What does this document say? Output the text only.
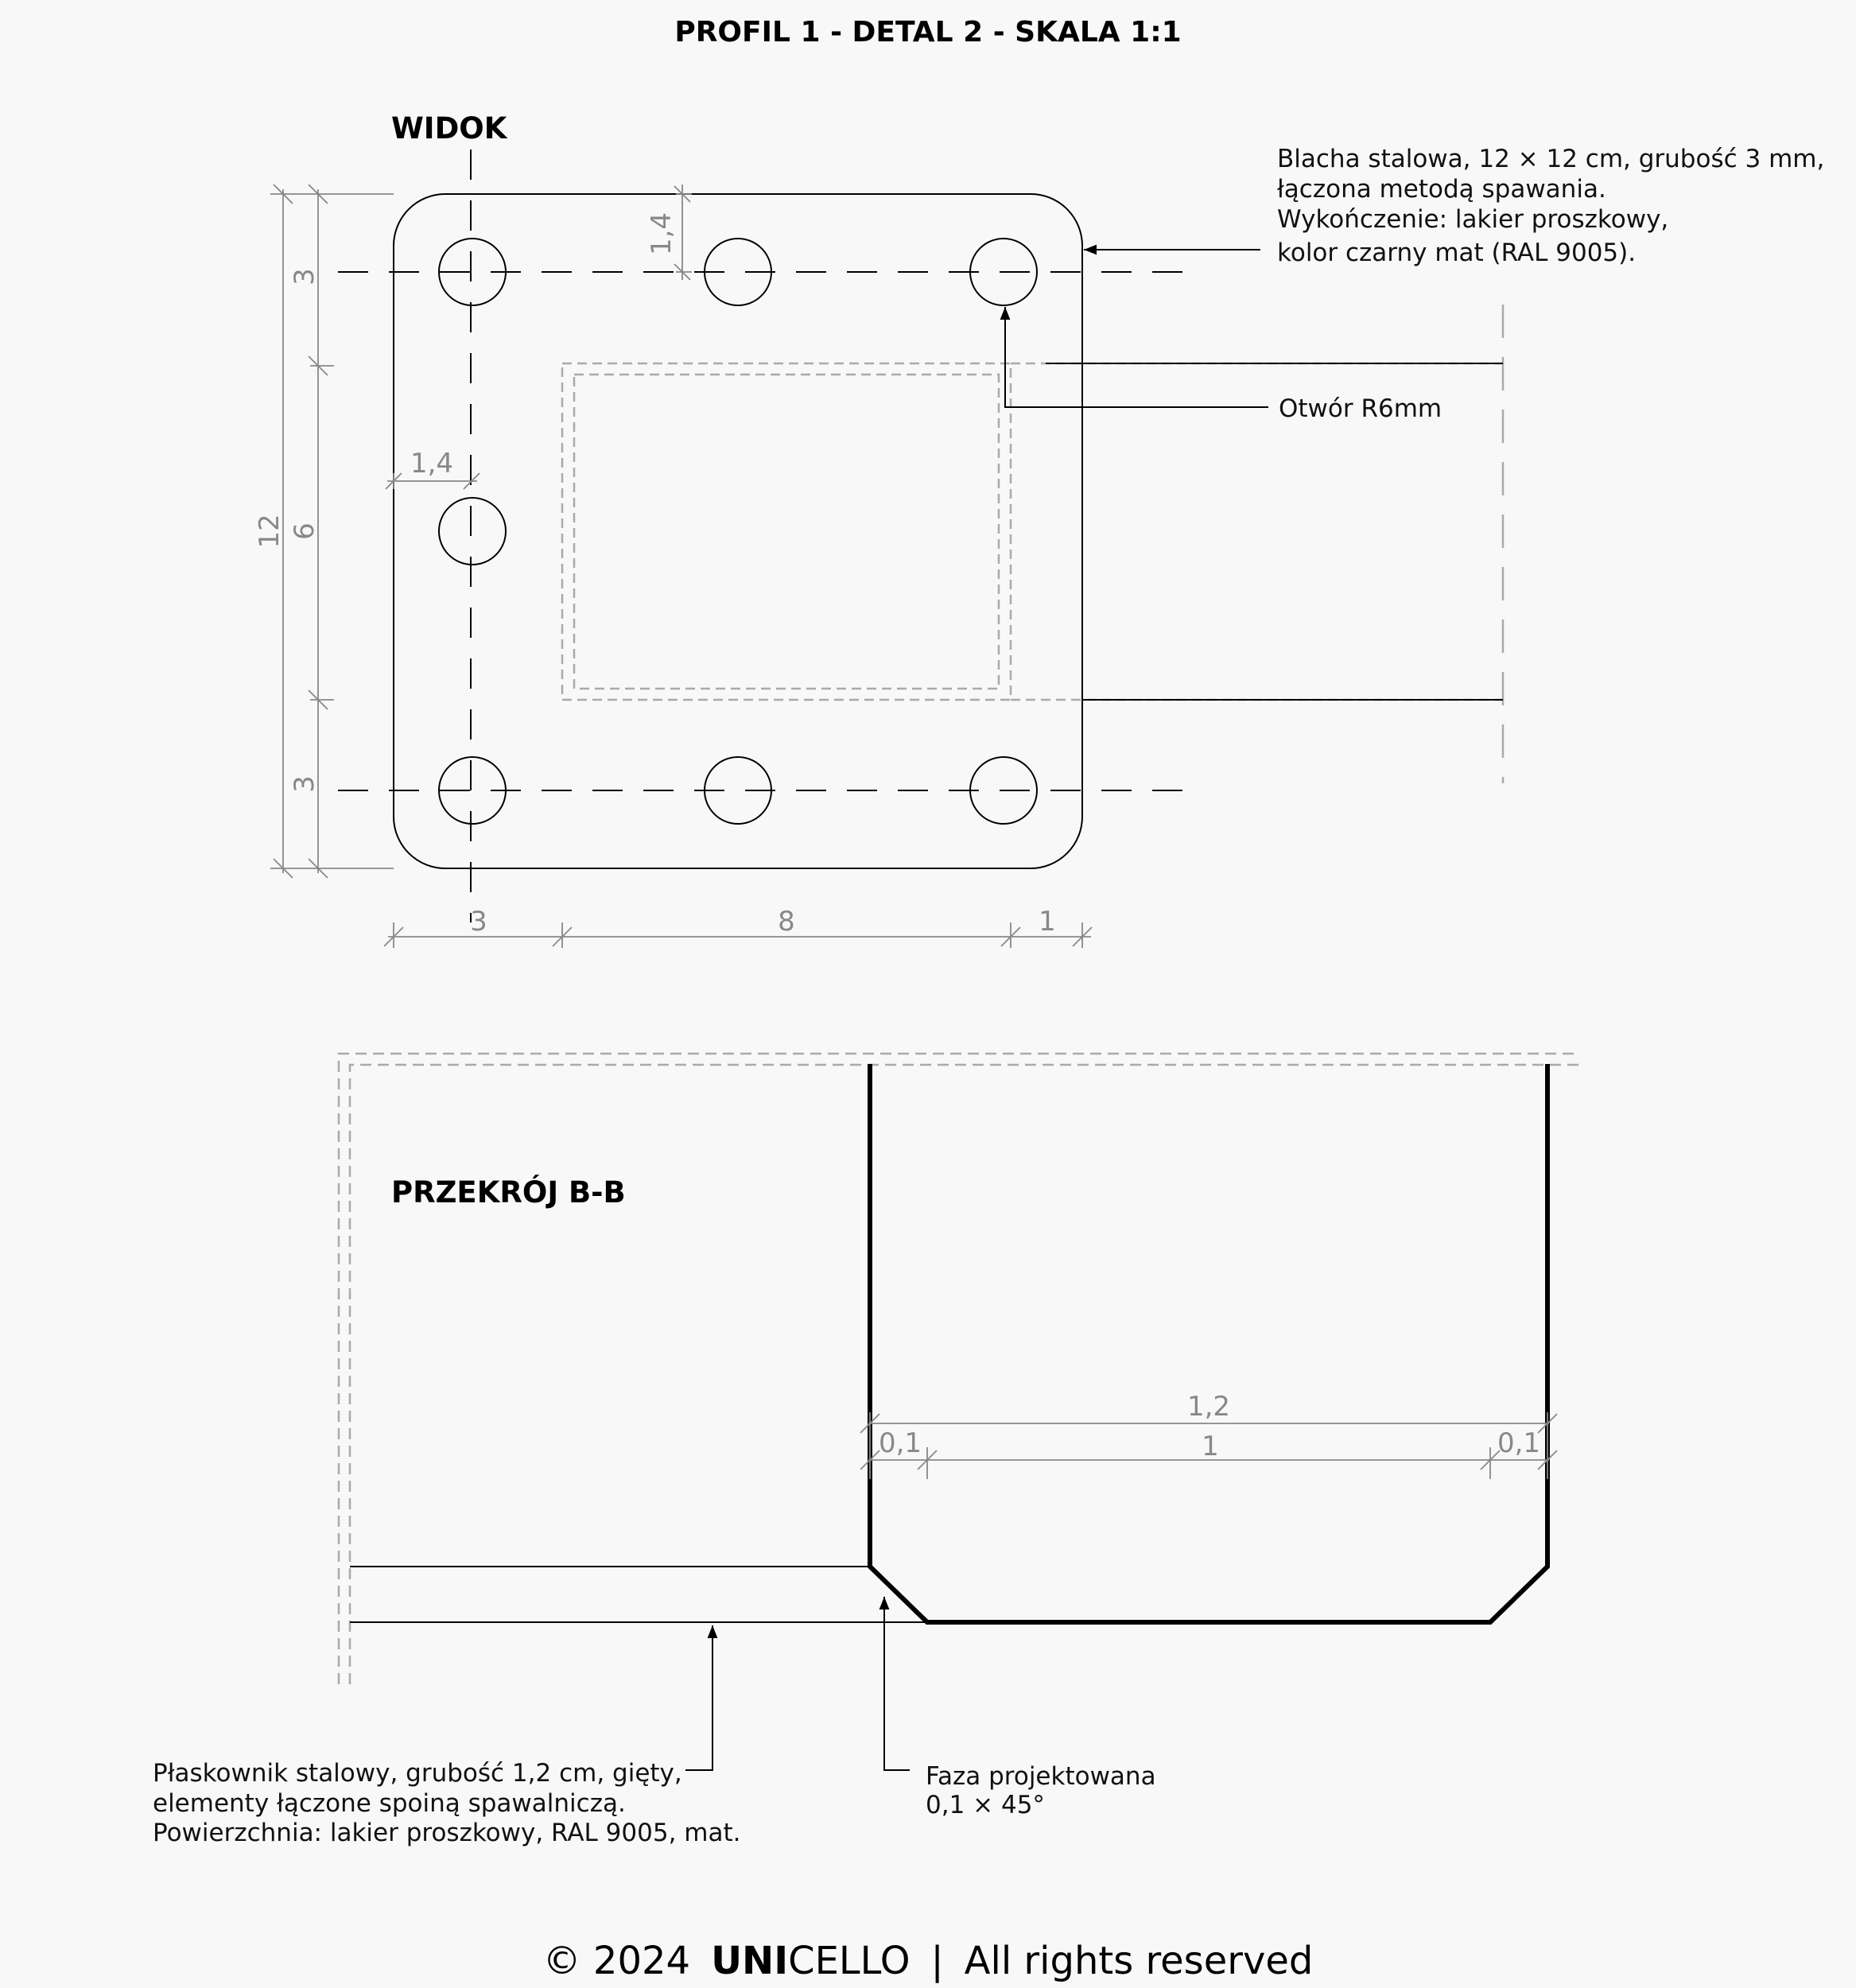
PROFIL 1 - DETAL 2 - SKALA 1:1
WIDOK
12
3
6
3
1,4
1,4
3	8	1
Blacha stalowa, 12 × 12 cm, grubość 3 mm, łączona metodą spawania. Wykończenie: lakier proszkowy, kolor czarny mat (RAL 9005).
Otwór R6mm
PRZEKRÓJ B-B
1,2
0,1	1	0,1
Płaskownik stalowy, grubość 1,2 cm, gięty, elementy łączone spoiną spawalniczą. Powierzchnia: lakier proszkowy, RAL 9005, mat.
Faza projektowana 0,1 × 45°
© 2024 UNICELLO | All rights reserved
